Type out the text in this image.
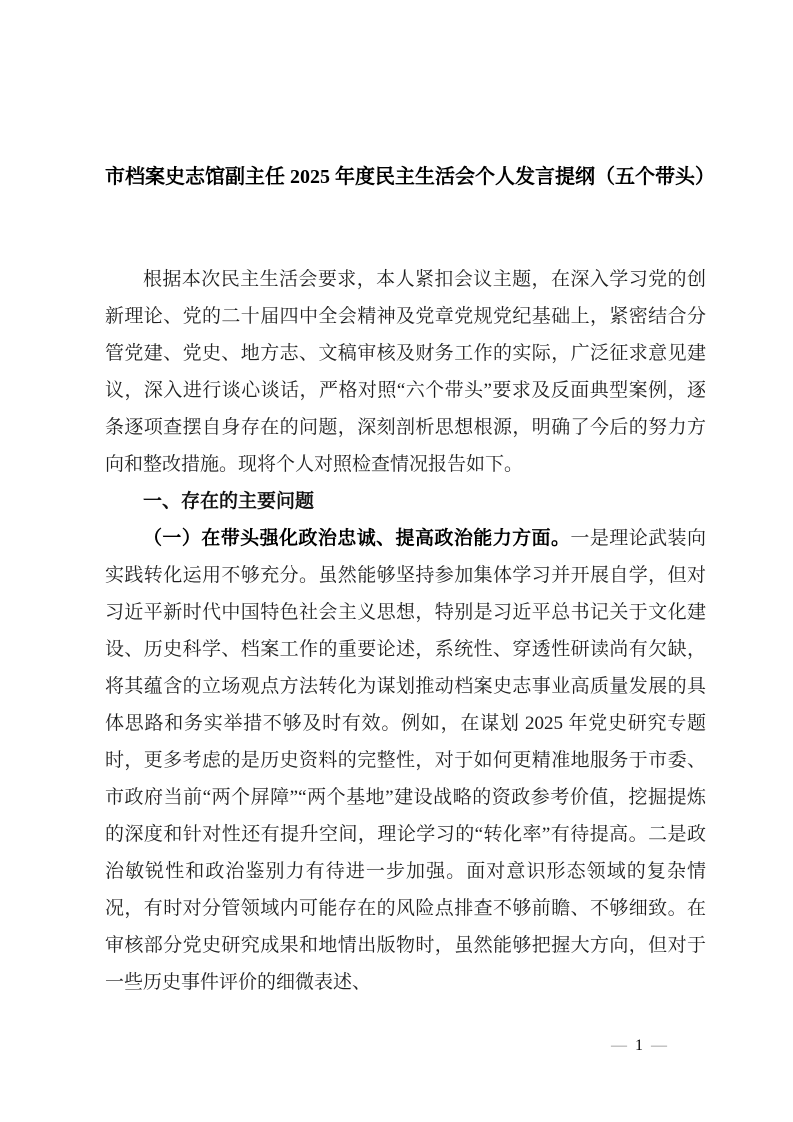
市档案史志馆副主任 2025 年度民主生活会个人发言提纲（五个带头）

根据本次民主生活会要求，本人紧扣会议主题，在深入学习党的创新理论、党的二十届四中全会精神及党章党规党纪基础上，紧密结合分管党建、党史、地方志、文稿审核及财务工作的实际，广泛征求意见建议，深入进行谈心谈话，严格对照“六个带头”要求及反面典型案例，逐条逐项查摆自身存在的问题，深刻剖析思想根源，明确了今后的努力方向和整改措施。现将个人对照检查情况报告如下。

一、存在的主要问题

（一）在带头强化政治忠诚、提高政治能力方面。一是理论武装向实践转化运用不够充分。虽然能够坚持参加集体学习并开展自学，但对习近平新时代中国特色社会主义思想，特别是习近平总书记关于文化建设、历史科学、档案工作的重要论述，系统性、穿透性研读尚有欠缺，将其蕴含的立场观点方法转化为谋划推动档案史志事业高质量发展的具体思路和务实举措不够及时有效。例如，在谋划 2025 年党史研究专题时，更多考虑的是历史资料的完整性，对于如何更精准地服务于市委、市政府当前“两个屏障”“两个基地”建设战略的资政参考价值，挖掘提炼的深度和针对性还有提升空间，理论学习的“转化率”有待提高。二是政治敏锐性和政治鉴别力有待进一步加强。面对意识形态领域的复杂情况，有时对分管领域内可能存在的风险点排查不够前瞻、不够细致。在审核部分党史研究成果和地情出版物时，虽然能够把握大方向，但对于一些历史事件评价的细微表述、

— 1 —
